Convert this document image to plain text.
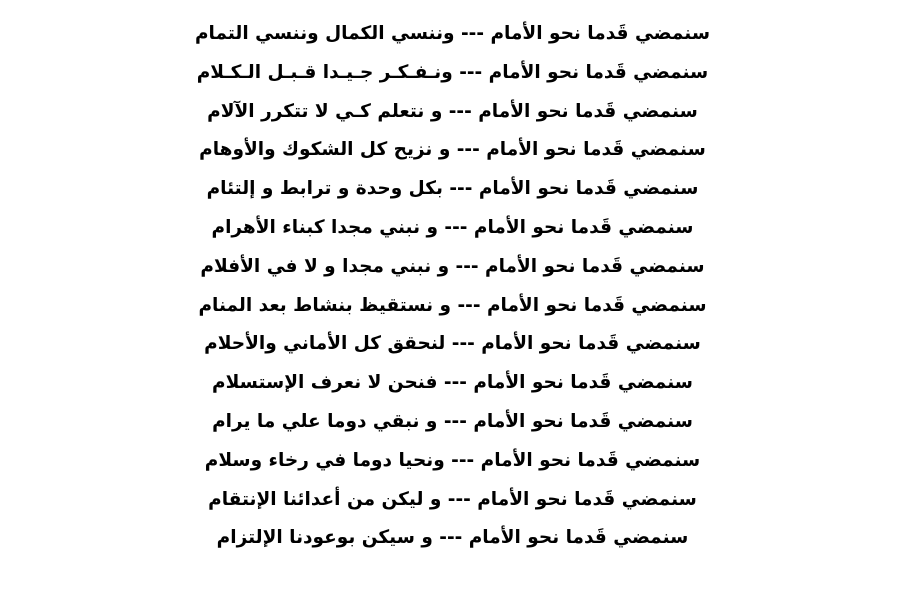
سنمضي قَدما نحو الأمام --- وننسي الكمال وننسي التمام
سنمضي قَدما نحو الأمام --- ونـفـكـر جـيـدا قـبـل الـكـلام
سنمضي قَدما نحو الأمام --- و نتعلم كـي لا تتكرر الآلام
سنمضي قَدما نحو الأمام --- و نزيح كل الشكوك والأوهام
سنمضي قَدما نحو الأمام --- بكل وحدة و ترابط و إلتئام
سنمضي قَدما نحو الأمام --- و نبني مجدا كبناء الأهرام
سنمضي قَدما نحو الأمام --- و نبني مجدا و لا في الأفلام
سنمضي قَدما نحو الأمام --- و نستقيظ بنشاط بعد المنام
سنمضي قَدما نحو الأمام --- لنحقق كل الأماني والأحلام
سنمضي قَدما نحو الأمام --- فنحن لا نعرف الإستسلام
سنمضي قَدما نحو الأمام --- و نبقي دوما علي ما يرام
سنمضي قَدما نحو الأمام --- ونحيا دوما في رخاء وسلام
سنمضي قَدما نحو الأمام --- و ليكن من أعدائنا الإنتقام
سنمضي قَدما نحو الأمام --- و سيكن بوعودنا الإلتزام
